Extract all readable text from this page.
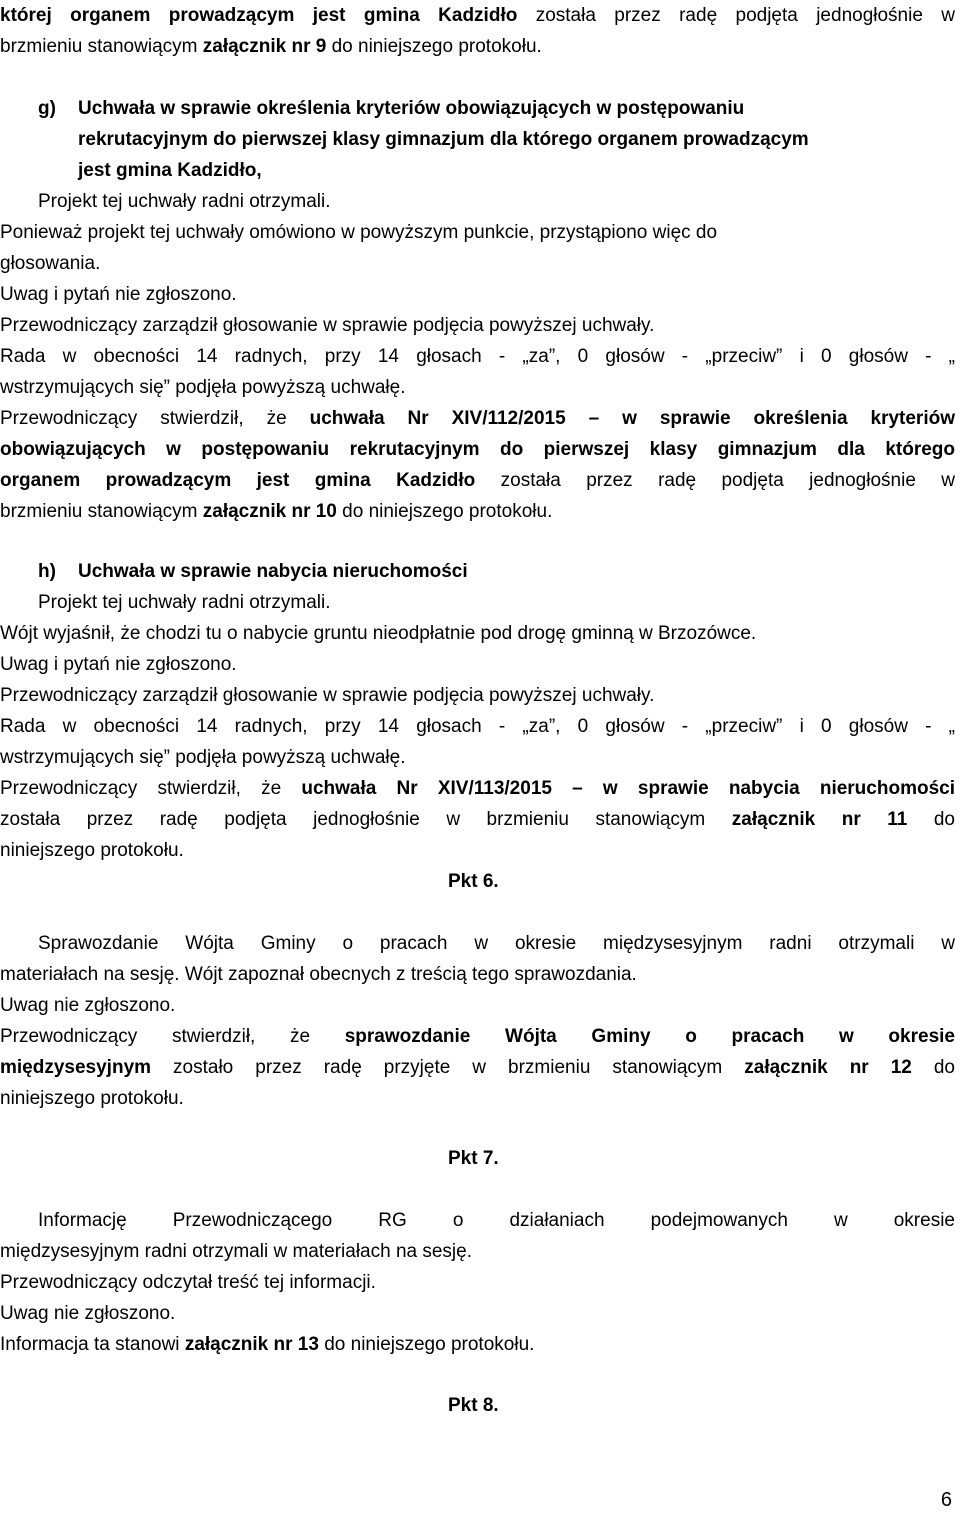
której organem prowadzącym jest gmina Kadzidło została przez radę podjęta jednogłośnie w
brzmieniu stanowiącym załącznik nr 9 do niniejszego protokołu.
g) Uchwała w sprawie określenia kryteriów obowiązujących w postępowaniu
rekrutacyjnym do pierwszej klasy gimnazjum dla którego organem prowadzącym
jest gmina Kadzidło,
Projekt tej uchwały radni otrzymali.
Ponieważ projekt tej uchwały omówiono w powyższym punkcie, przystąpiono więc do
głosowania.
Uwag i pytań nie zgłoszono.
Przewodniczący zarządził głosowanie w sprawie podjęcia powyższej uchwały.
Rada w obecności 14 radnych, przy 14 głosach - „za”, 0 głosów - „przeciw” i 0 głosów - „
wstrzymujących się” podjęła powyższą uchwałę.
Przewodniczący stwierdził, że uchwała Nr XIV/112/2015 – w sprawie określenia kryteriów
obowiązujących w postępowaniu rekrutacyjnym do pierwszej klasy gimnazjum dla którego
organem prowadzącym jest gmina Kadzidło została przez radę podjęta jednogłośnie w
brzmieniu stanowiącym załącznik nr 10 do niniejszego protokołu.
h) Uchwała w sprawie nabycia nieruchomości
Projekt tej uchwały radni otrzymali.
Wójt wyjaśnił, że chodzi tu o nabycie gruntu nieodpłatnie pod drogę gminną w Brzozówce.
Uwag i pytań nie zgłoszono.
Przewodniczący zarządził głosowanie w sprawie podjęcia powyższej uchwały.
Rada w obecności 14 radnych, przy 14 głosach - „za”, 0 głosów - „przeciw” i 0 głosów - „
wstrzymujących się” podjęła powyższą uchwałę.
Przewodniczący stwierdził, że uchwała Nr XIV/113/2015 – w sprawie nabycia nieruchomości
została przez radę podjęta jednogłośnie w brzmieniu stanowiącym załącznik nr 11 do
niniejszego protokołu.
Pkt 6.
Sprawozdanie Wójta Gminy o pracach w okresie międzysesyjnym radni otrzymali w
materiałach na sesję. Wójt zapoznał obecnych z treścią tego sprawozdania.
Uwag nie zgłoszono.
Przewodniczący stwierdził, że sprawozdanie Wójta Gminy o pracach w okresie
międzysesyjnym zostało przez radę przyjęte w brzmieniu stanowiącym załącznik nr 12 do
niniejszego protokołu.
Pkt 7.
Informację Przewodniczącego RG o działaniach podejmowanych w okresie
międzysesyjnym radni otrzymali w materiałach na sesję.
Przewodniczący odczytał treść tej informacji.
Uwag nie zgłoszono.
Informacja ta stanowi załącznik nr 13 do niniejszego protokołu.
Pkt 8.
6
